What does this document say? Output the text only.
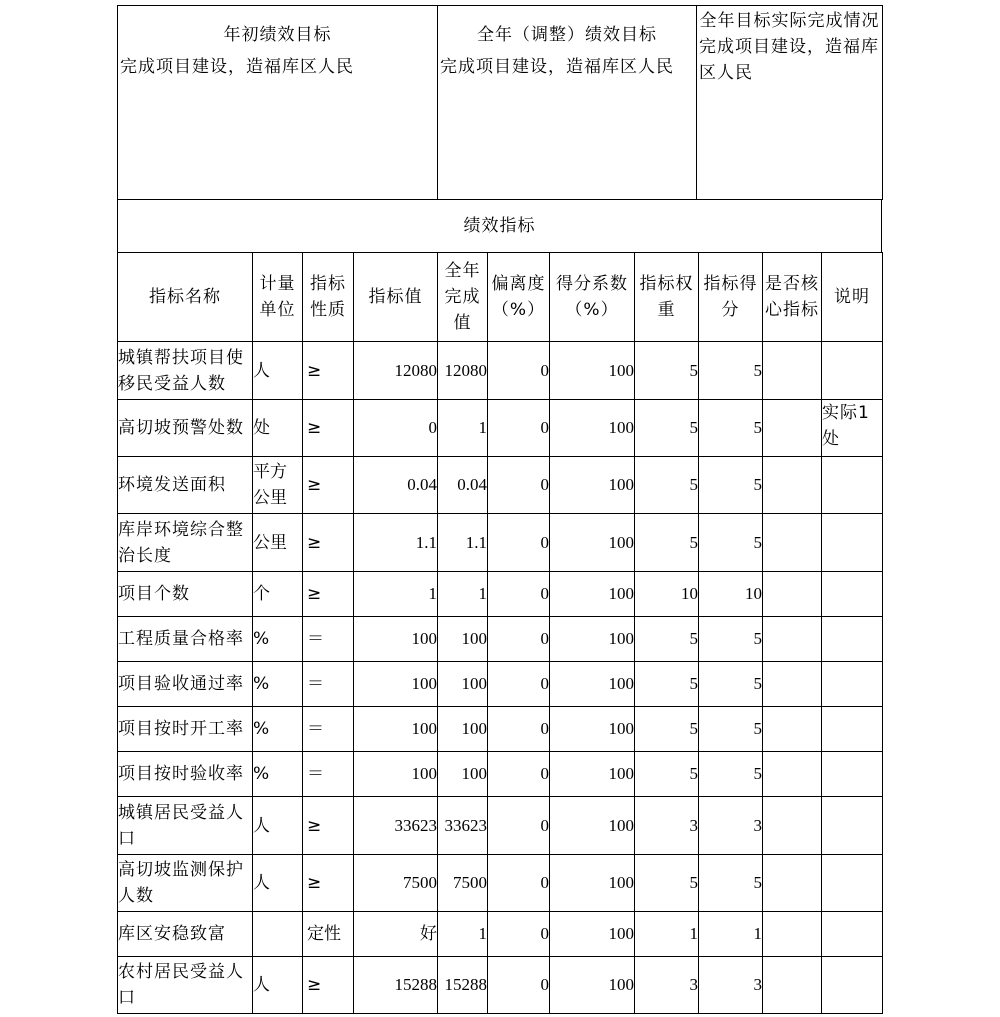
年初绩效目标
完成项目建设，造福库区人民

全年（调整）绩效目标
完成项目建设，造福库区人民

全年目标实际完成情况
完成项目建设，造福库区人民
绩效指标
指标名称	计量单位	指标性质	指标值	全年完成值	偏离度（%）	得分系数（%）	指标权重	指标得分	是否核心指标	说明
城镇帮扶项目使移民受益人数	人	≥	12080	12080	0	100	5	5		
高切坡预警处数	处	≥	0	1	0	100	5	5		实际1处
环境发送面积	平方公里	≥	0.04	0.04	0	100	5	5		
库岸环境综合整治长度	公里	≥	1.1	1.1	0	100	5	5		
项目个数	个	≥	1	1	0	100	10	10		
工程质量合格率	%	＝	100	100	0	100	5	5		
项目验收通过率	%	＝	100	100	0	100	5	5		
项目按时开工率	%	＝	100	100	0	100	5	5		
项目按时验收率	%	＝	100	100	0	100	5	5		
城镇居民受益人口	人	≥	33623	33623	0	100	3	3		
高切坡监测保护人数	人	≥	7500	7500	0	100	5	5		
库区安稳致富		定性	好	1	0	100	1	1		
农村居民受益人口	人	≥	15288	15288	0	100	3	3		
